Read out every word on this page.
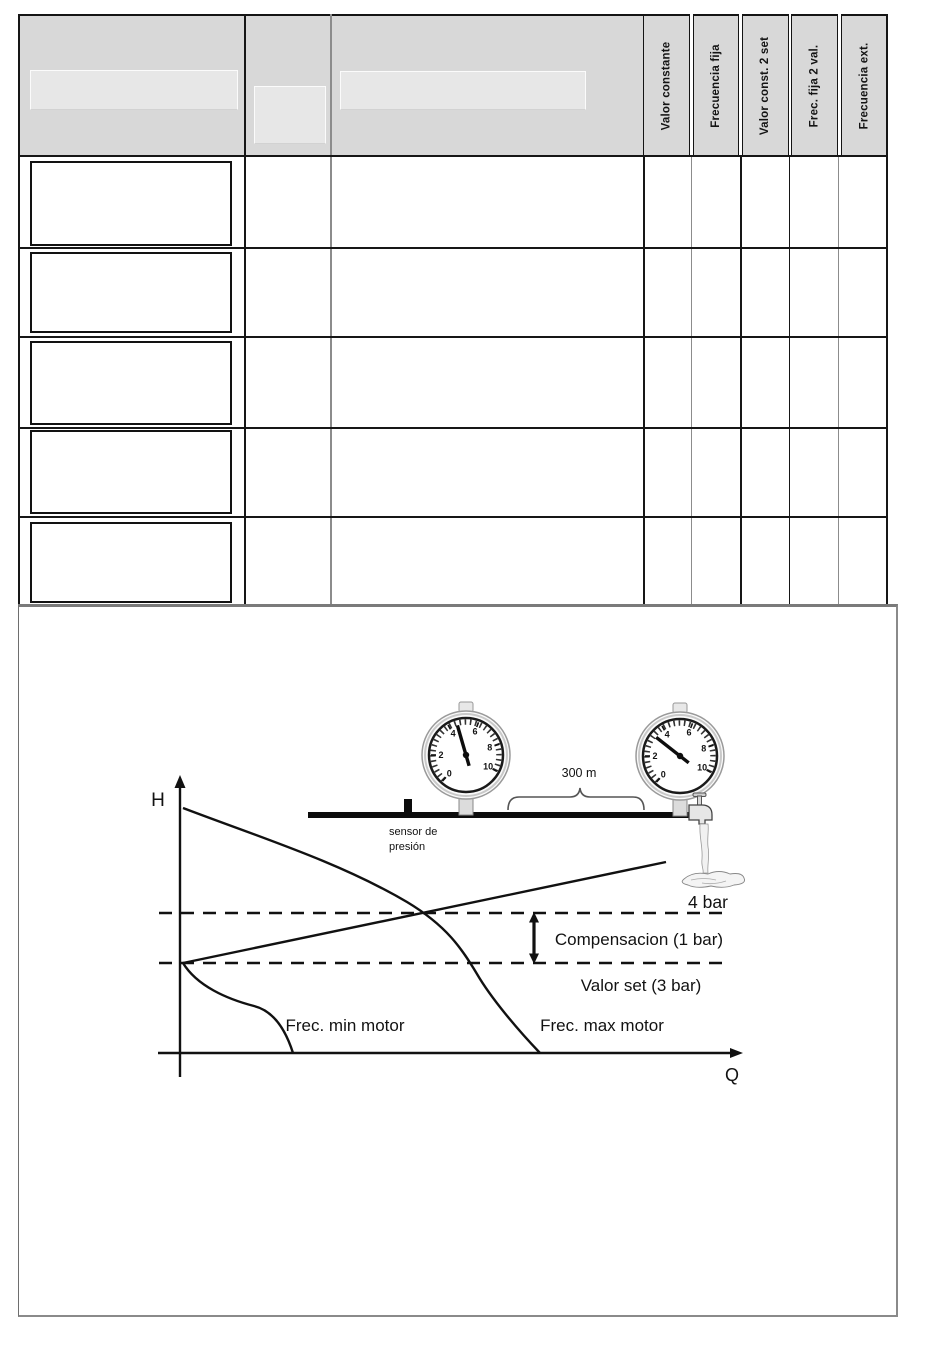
Valor constante	Frecuencia fija	Valor const. 2 set	Frec. fija 2 val.	Frecuencia ext.
sensor de
presión
300 m
0
2
4 6
8
10
H
Q
4 bar
Compensacion (1 bar)
Valor set (3 bar)
Frec. min motor	Frec. max motor
